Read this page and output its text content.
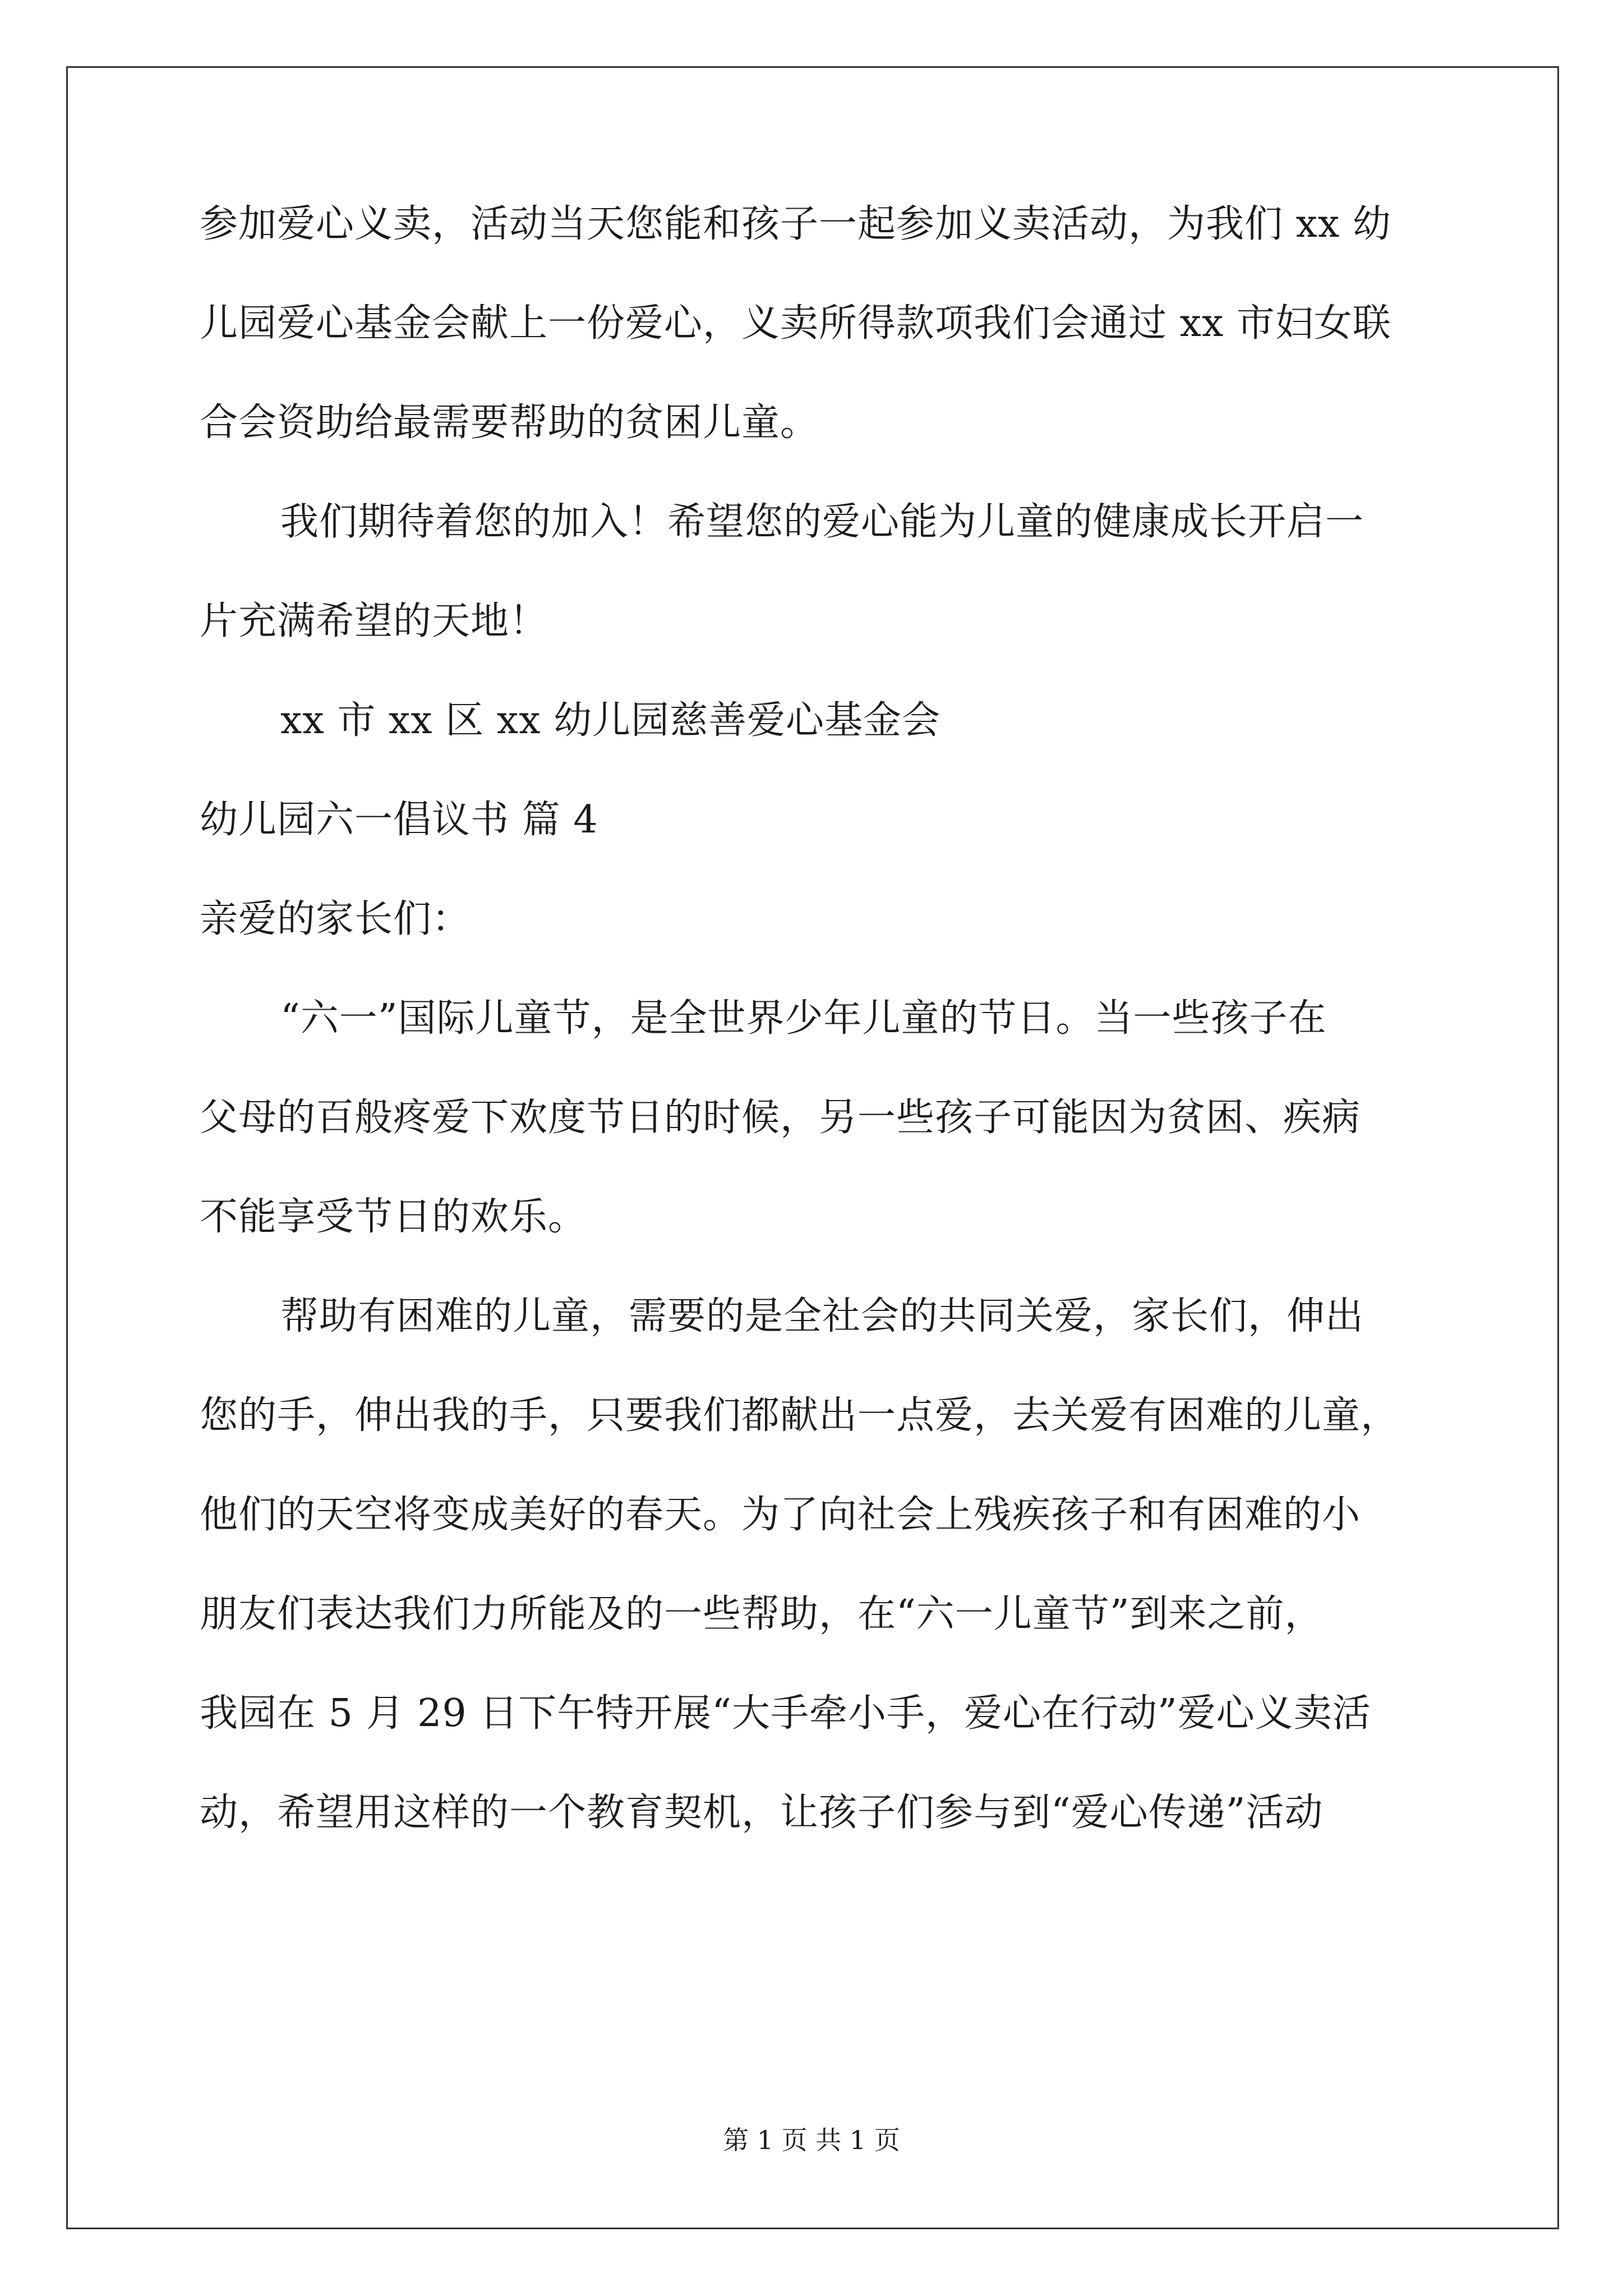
参加爱心义卖，活动当天您能和孩子一起参加义卖活动，为我们 xx 幼
儿园爱心基金会献上一份爱心，义卖所得款项我们会通过 xx 市妇女联
合会资助给最需要帮助的贫困儿童。
我们期待着您的加入！希望您的爱心能为儿童的健康成长开启一
片充满希望的天地！
xx 市 xx 区 xx 幼儿园慈善爱心基金会
幼儿园六一倡议书 篇 4
亲爱的家长们：
“六一”国际儿童节，是全世界少年儿童的节日。当一些孩子在
父母的百般疼爱下欢度节日的时候，另一些孩子可能因为贫困、疾病
不能享受节日的欢乐。
帮助有困难的儿童，需要的是全社会的共同关爱，家长们，伸出
您的手，伸出我的手，只要我们都献出一点爱，去关爱有困难的儿童，
他们的天空将变成美好的春天。为了向社会上残疾孩子和有困难的小
朋友们表达我们力所能及的一些帮助，在“六一儿童节”到来之前，
我园在 5 月 29 日下午特开展“大手牵小手，爱心在行动”爱心义卖活
动，希望用这样的一个教育契机，让孩子们参与到“爱心传递”活动
第 1 页 共 1 页
